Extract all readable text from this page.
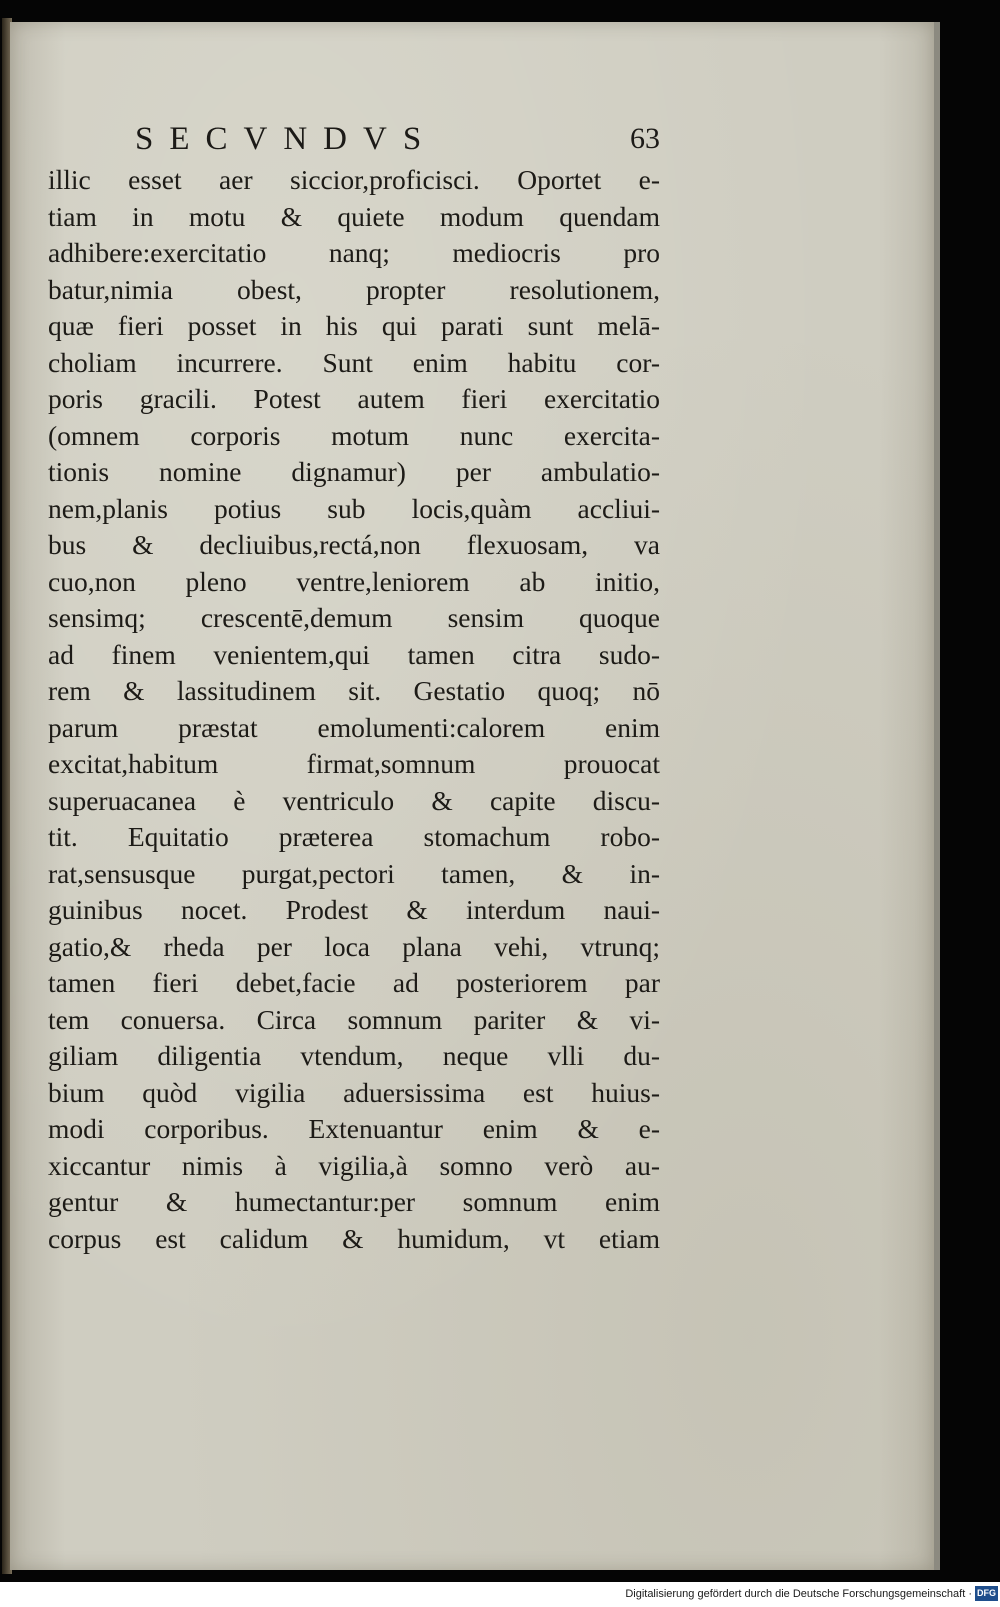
SECVNDVS	63
illic esset aer siccior,proficisci. Oportet e-
tiam in motu & quiete modum quendam
adhibere:exercitatio nanq; mediocris pro
batur,nimia obest, propter resolutionem,
quæ fieri posset in his qui parati sunt melā-
choliam incurrere. Sunt enim habitu cor-
poris gracili. Potest autem fieri exercitatio
(omnem corporis motum nunc exercita-
tionis nomine dignamur) per ambulatio-
nem,planis potius sub locis,quàm accliui-
bus & decliuibus,rectá,non flexuosam, va
cuo,non pleno ventre,leniorem ab initio,
sensimq; crescentē,demum sensim quoque
ad finem venientem,qui tamen citra sudo-
rem & lassitudinem sit. Gestatio quoq; nō
parum præstat emolumenti:calorem enim
excitat,habitum firmat,somnum prouocat
superuacanea è ventriculo & capite discu-
tit. Equitatio præterea stomachum robo-
rat,sensusque purgat,pectori tamen, & in-
guinibus nocet. Prodest & interdum naui-
gatio,& rheda per loca plana vehi, vtrunq;
tamen fieri debet,facie ad posteriorem par
tem conuersa. Circa somnum pariter & vi-
giliam diligentia vtendum, neque vlli du-
bium quòd vigilia aduersissima est huius-
modi corporibus. Extenuantur enim & e-
xiccantur nimis à vigilia,à somno verò au-
gentur & humectantur:per somnum enim
corpus est calidum & humidum, vt etiam
Digitalisierung gefördert durch die Deutsche Forschungsgemeinschaft · DFG
